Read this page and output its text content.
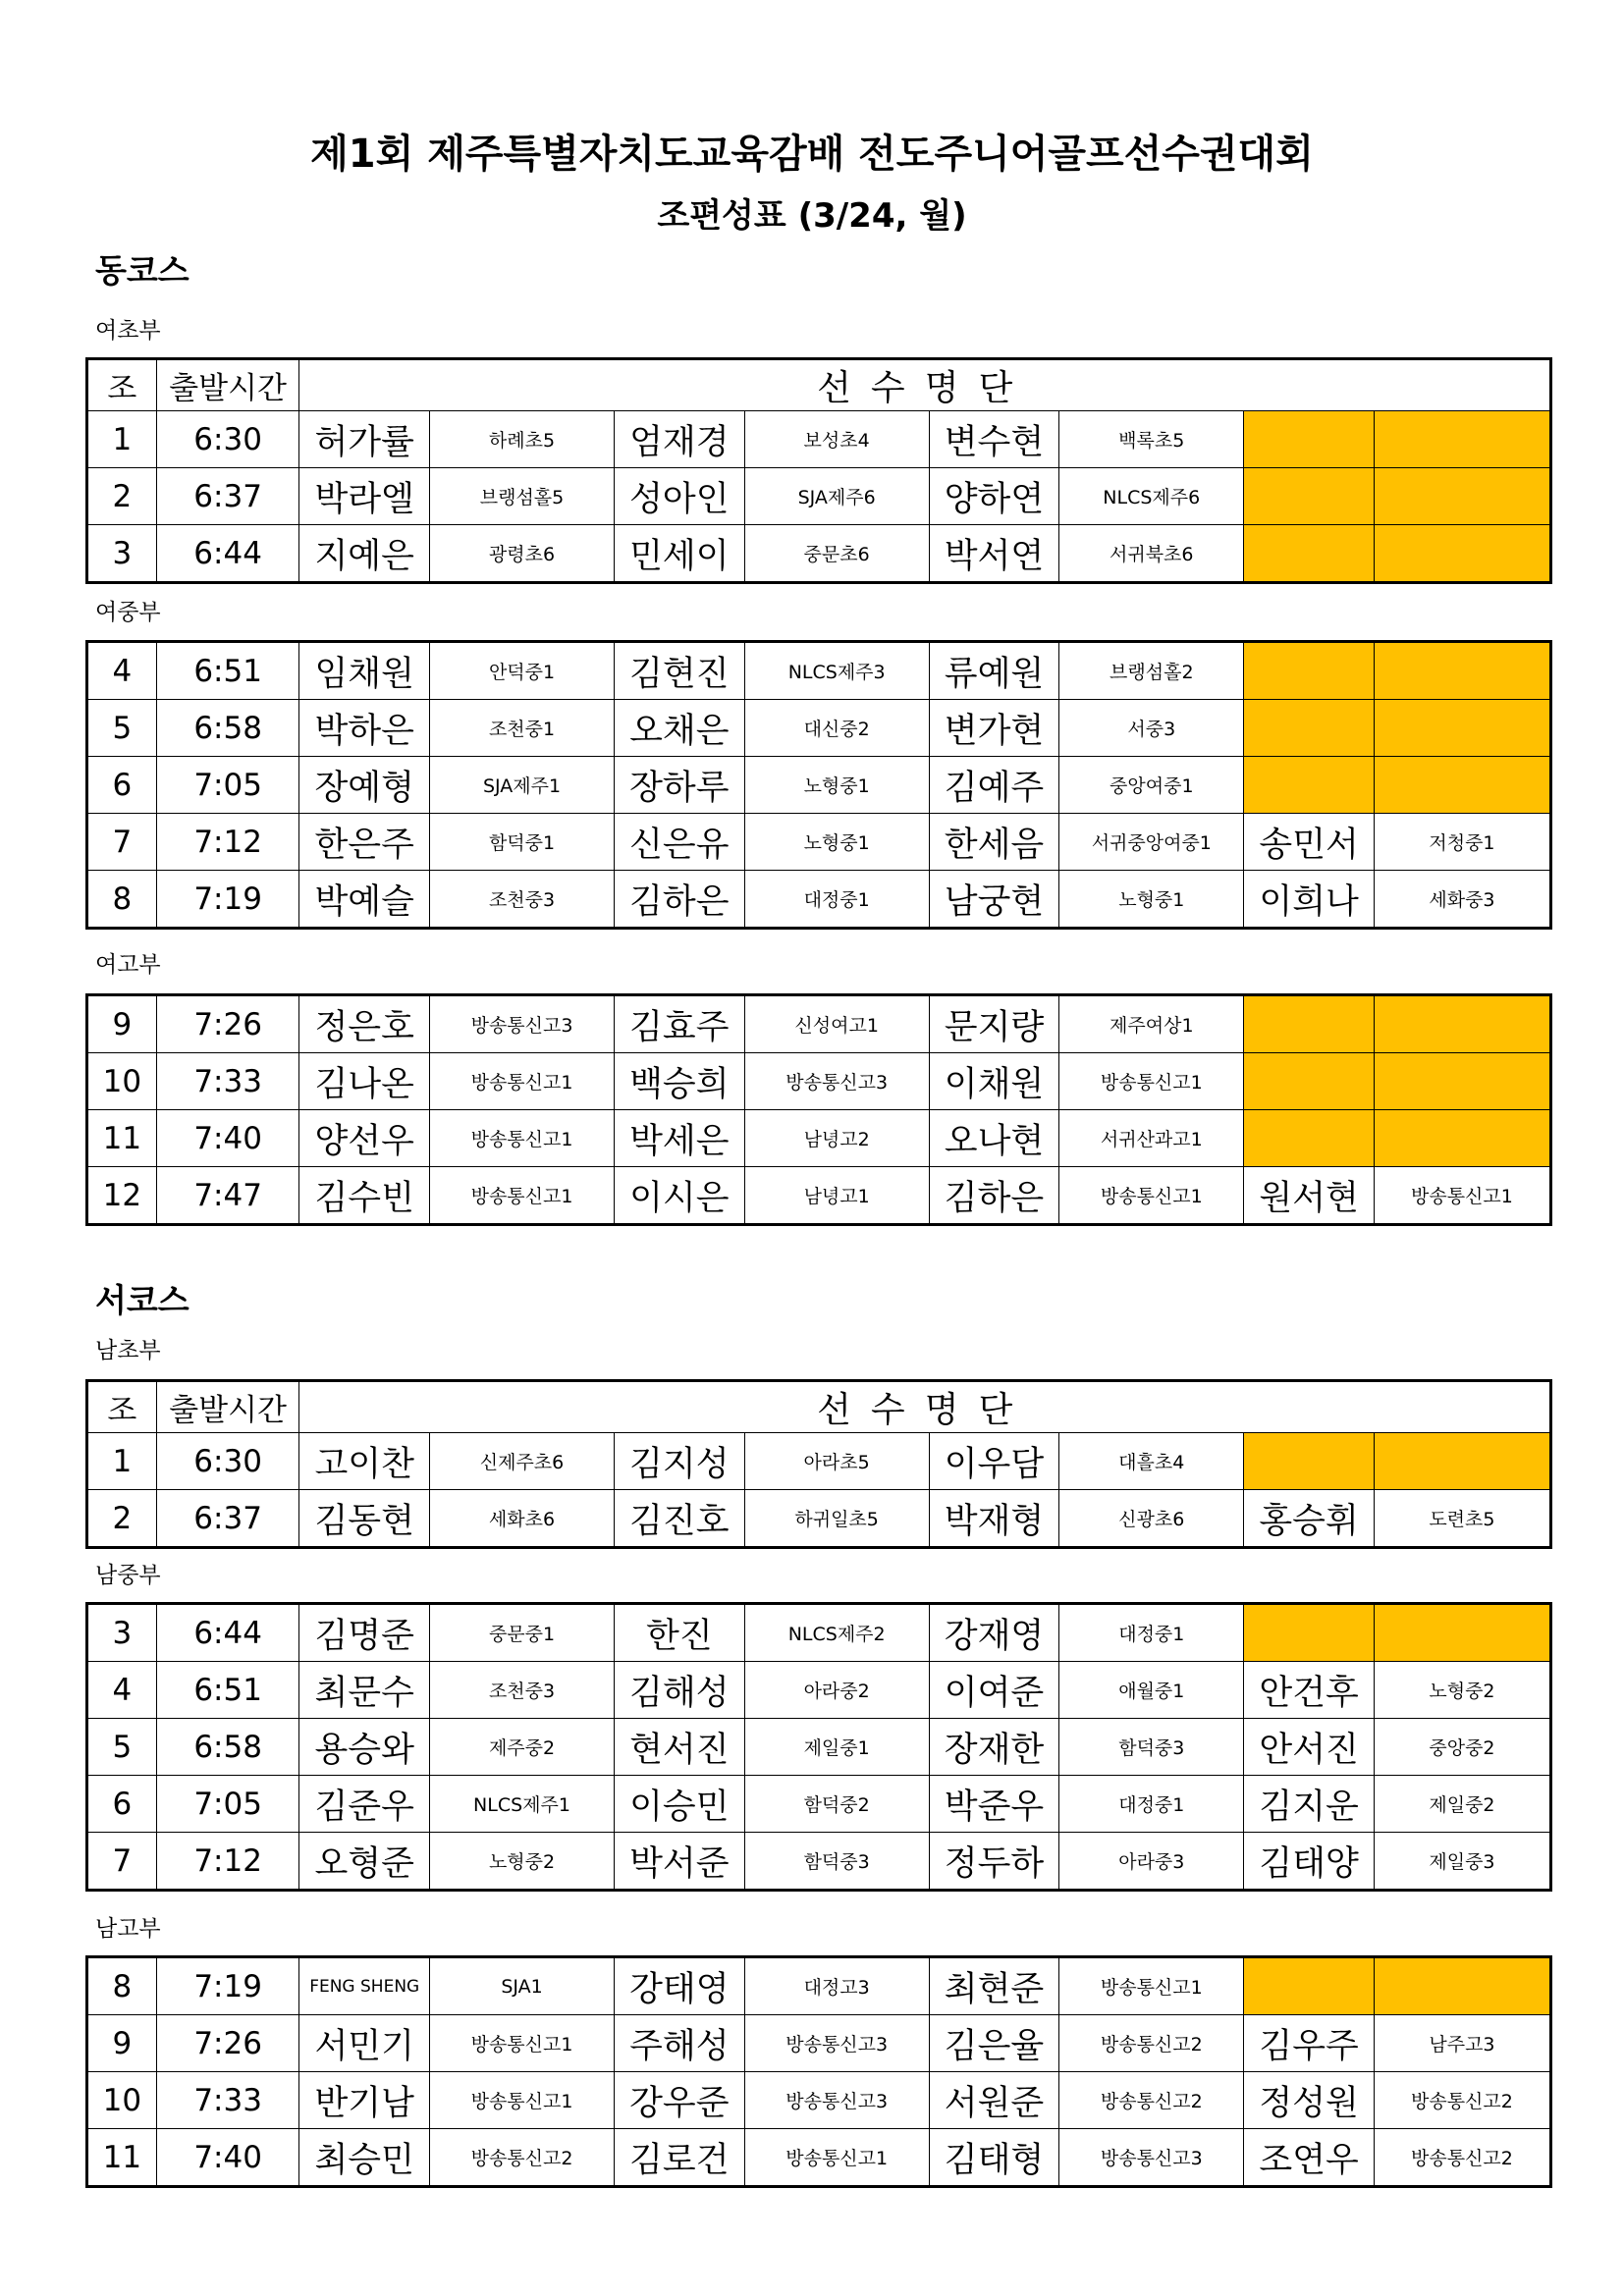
제1회 제주특별자치도교육감배 전도주니어골프선수권대회
조편성표 (3/24, 월)
동코스
여초부
조	출발시간	선수명단							
1	6:30	허가률	하례초5	엄재경	보성초4	변수현	백록초5		
2	6:37	박라엘	브랭섬홀5	성아인	SJA제주6	양하연	NLCS제주6		
3	6:44	지예은	광령초6	민세이	중문초6	박서연	서귀북초6		
여중부
4	6:51	임채원	안덕중1	김현진	NLCS제주3	류예원	브랭섬홀2		
5	6:58	박하은	조천중1	오채은	대신중2	변가현	서중3		
6	7:05	장예형	SJA제주1	장하루	노형중1	김예주	중앙여중1		
7	7:12	한은주	함덕중1	신은유	노형중1	한세음	서귀중앙여중1	송민서	저청중1
8	7:19	박예슬	조천중3	김하은	대정중1	남궁현	노형중1	이희나	세화중3
여고부
9	7:26	정은호	방송통신고3	김효주	신성여고1	문지량	제주여상1		
10	7:33	김나온	방송통신고1	백승희	방송통신고3	이채원	방송통신고1		
11	7:40	양선우	방송통신고1	박세은	남녕고2	오나현	서귀산과고1		
12	7:47	김수빈	방송통신고1	이시은	남녕고1	김하은	방송통신고1	원서현	방송통신고1
서코스
남초부
조	출발시간	선수명단							
1	6:30	고이찬	신제주초6	김지성	아라초5	이우담	대흘초4		
2	6:37	김동현	세화초6	김진호	하귀일초5	박재형	신광초6	홍승휘	도련초5
남중부
3	6:44	김명준	중문중1	한진	NLCS제주2	강재영	대정중1		
4	6:51	최문수	조천중3	김해성	아라중2	이여준	애월중1	안건후	노형중2
5	6:58	용승와	제주중2	현서진	제일중1	장재한	함덕중3	안서진	중앙중2
6	7:05	김준우	NLCS제주1	이승민	함덕중2	박준우	대정중1	김지운	제일중2
7	7:12	오형준	노형중2	박서준	함덕중3	정두하	아라중3	김태양	제일중3
남고부
8	7:19	FENG SHENG	SJA1	강태영	대정고3	최현준	방송통신고1		
9	7:26	서민기	방송통신고1	주해성	방송통신고3	김은율	방송통신고2	김우주	남주고3
10	7:33	반기남	방송통신고1	강우준	방송통신고3	서원준	방송통신고2	정성원	방송통신고2
11	7:40	최승민	방송통신고2	김로건	방송통신고1	김태형	방송통신고3	조연우	방송통신고2
